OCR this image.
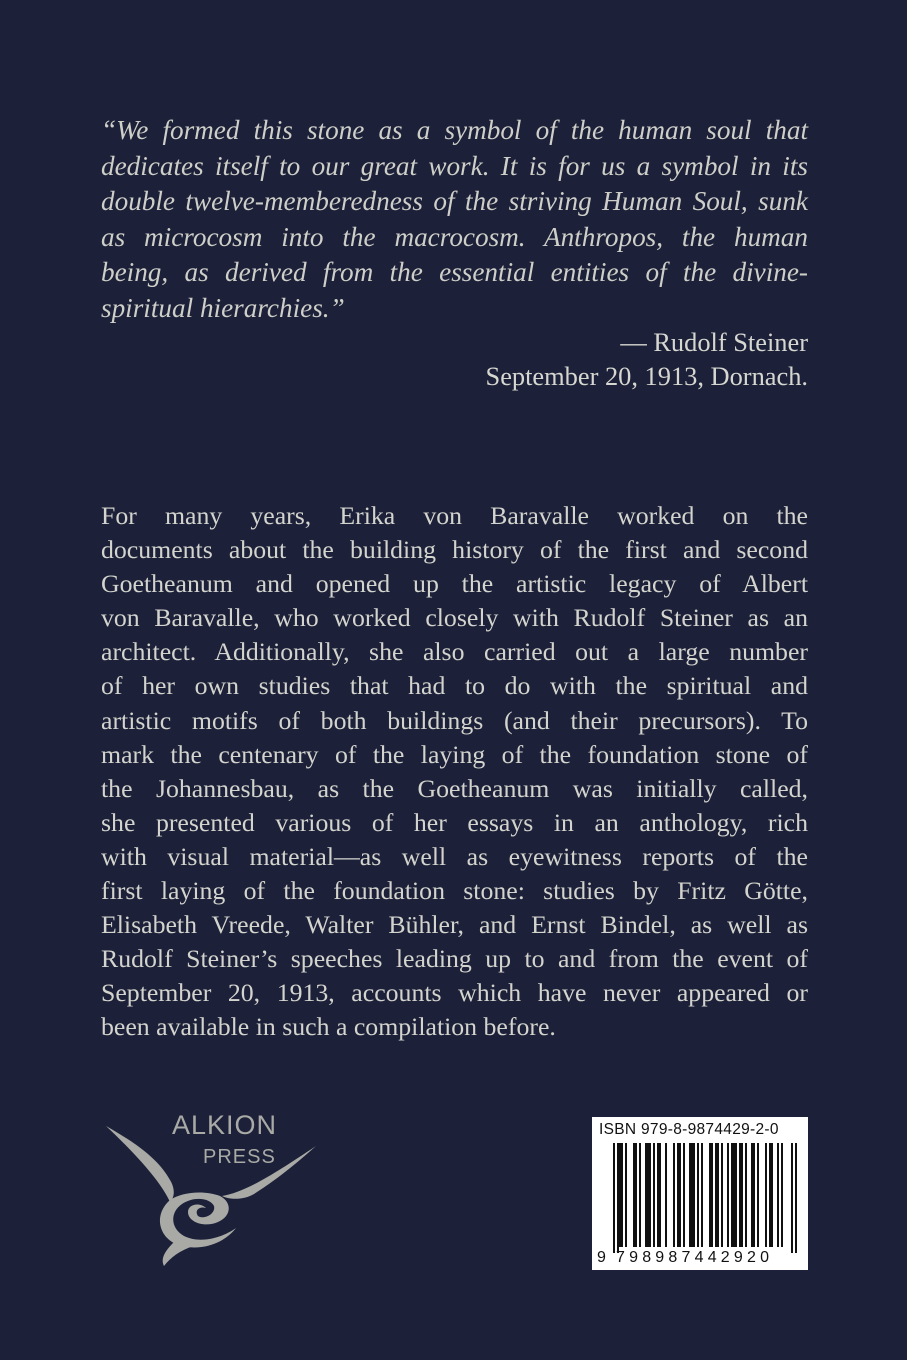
“We formed this stone as a symbol of the human soul that
dedicates itself to our great work. It is for us a symbol in its
double twelve-memberedness of the striving Human Soul, sunk
as microcosm into the macrocosm. Anthropos, the human
being, as derived from the essential entities of the divine-
spiritual hierarchies.”
— Rudolf Steiner
September 20, 1913, Dornach.
For many years, Erika von Baravalle worked on the
documents about the building history of the first and second
Goetheanum and opened up the artistic legacy of Albert
von Baravalle, who worked closely with Rudolf Steiner as an
architect. Additionally, she also carried out a large number
of her own studies that had to do with the spiritual and
artistic motifs of both buildings (and their precursors). To
mark the centenary of the laying of the foundation stone of
the Johannesbau, as the Goetheanum was initially called,
she presented various of her essays in an anthology, rich
with visual material—as well as eyewitness reports of the
first laying of the foundation stone: studies by Fritz Götte,
Elisabeth Vreede, Walter Bühler, and Ernst Bindel, as well as
Rudolf Steiner’s speeches leading up to and from the event of
September 20, 1913, accounts which have never appeared or
been available in such a compilation before.
ALKION
PRESS
ISBN 979-8-9874429-2-0
9 798987442920
